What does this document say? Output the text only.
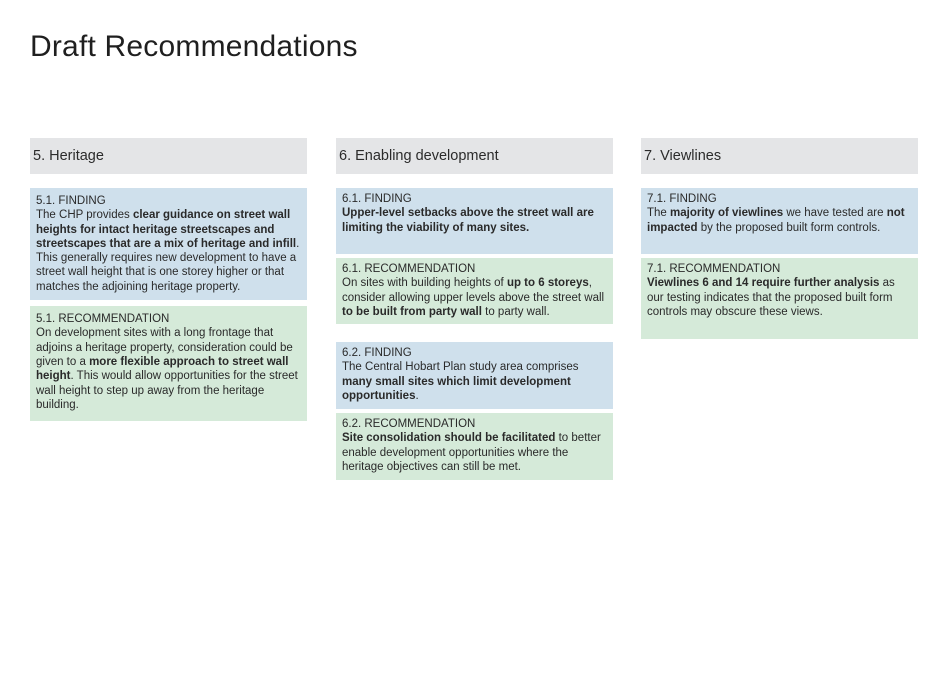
Draft Recommendations
5. Heritage
5.1. FINDING
The CHP provides clear guidance on street wall heights for intact heritage streetscapes and streetscapes that are a mix of heritage and infill. This generally requires new development to have a street wall height that is one storey higher or that matches the adjoining heritage property.
5.1. RECOMMENDATION
On development sites with a long frontage that adjoins a heritage property, consideration could be given to a more flexible approach to street wall height. This would allow opportunities for the street wall height to step up away from the heritage building.
6. Enabling development
6.1. FINDING
Upper-level setbacks above the street wall are limiting the viability of many sites.
6.1. RECOMMENDATION
On sites with building heights of up to 6 storeys, consider allowing upper levels above the street wall to be built from party wall to party wall.
6.2. FINDING
The Central Hobart Plan study area comprises many small sites which limit development opportunities.
6.2. RECOMMENDATION
Site consolidation should be facilitated to better enable development opportunities where the heritage objectives can still be met.
7. Viewlines
7.1. FINDING
The majority of viewlines we have tested are not impacted by the proposed built form controls.
7.1. RECOMMENDATION
Viewlines 6 and 14 require further analysis as our testing indicates that the proposed built form controls may obscure these views.
